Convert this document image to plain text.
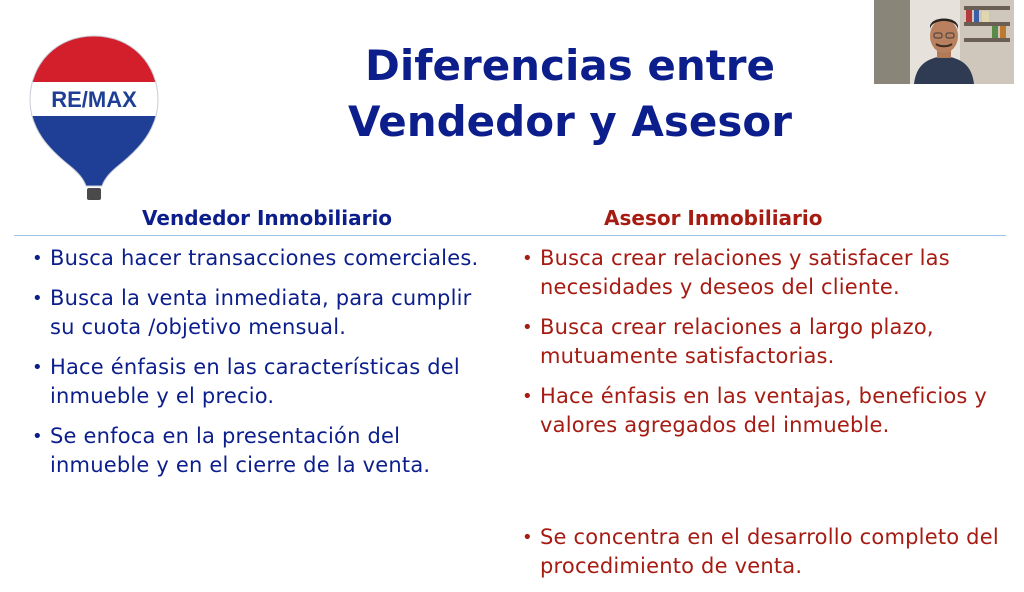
RE/MAX
Diferencias entre
Vendedor y Asesor
Vendedor Inmobiliario	Asesor Inmobiliario
• Busca hacer transacciones comerciales.
• Busca la venta inmediata, para cumplir su cuota /objetivo mensual.
• Hace énfasis en las características del inmueble y el precio.
• Se enfoca en la presentación del inmueble y en el cierre de la venta.
• Busca crear relaciones y satisfacer las necesidades y deseos del cliente.
• Busca crear relaciones a largo plazo, mutuamente satisfactorias.
• Hace énfasis en las ventajas, beneficios y valores agregados del inmueble.
• Se concentra en el desarrollo completo del procedimiento de venta.
